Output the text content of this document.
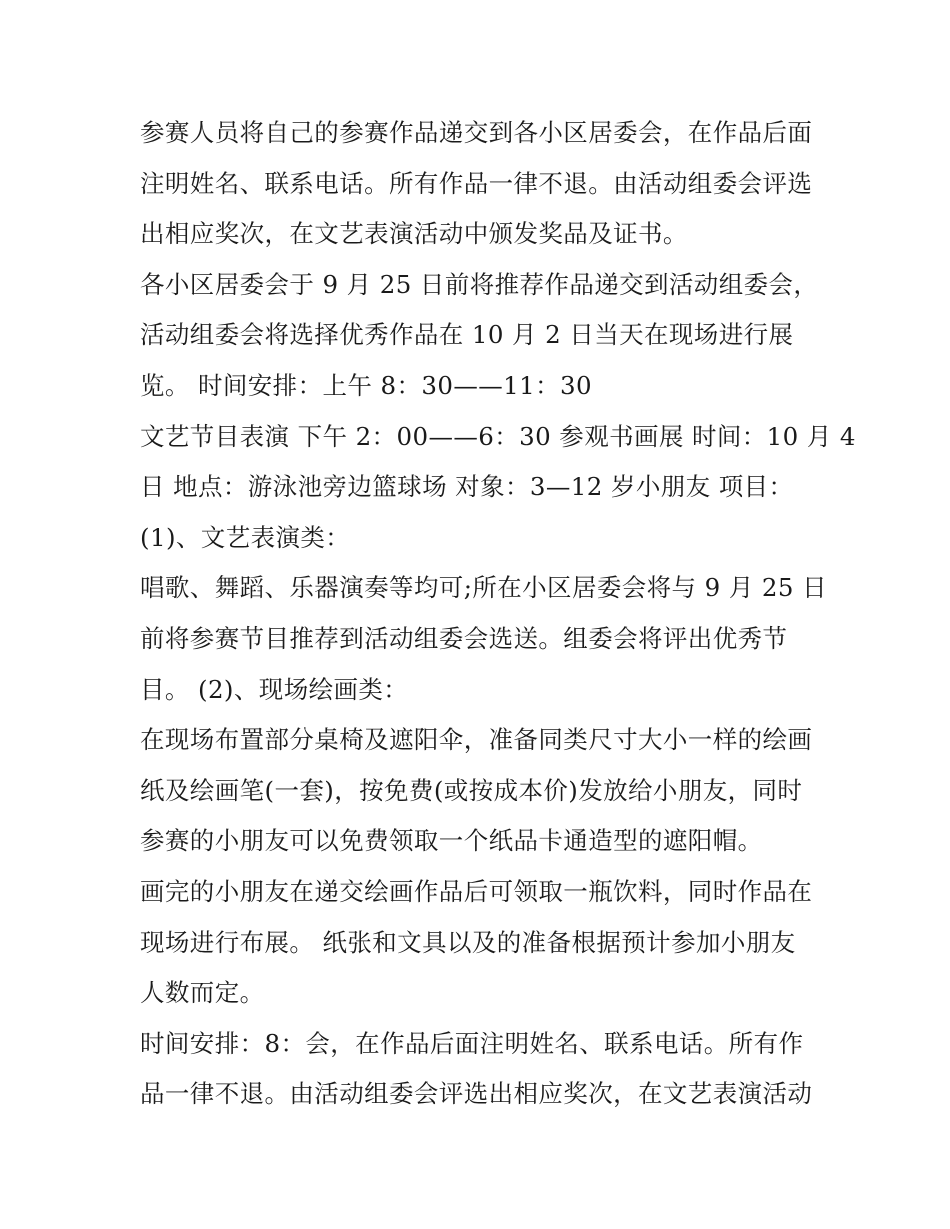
参赛人员将自己的参赛作品递交到各小区居委会，在作品后面
注明姓名、联系电话。所有作品一律不退。由活动组委会评选
出相应奖次，在文艺表演活动中颁发奖品及证书。
各小区居委会于 9 月 25 日前将推荐作品递交到活动组委会，
活动组委会将选择优秀作品在 10 月 2 日当天在现场进行展
览。 时间安排：上午 8：30——11：30
文艺节目表演 下午 2：00——6：30 参观书画展 时间：10 月 4
日 地点：游泳池旁边篮球场 对象：3—12 岁小朋友 项目：
(1)、文艺表演类：
唱歌、舞蹈、乐器演奏等均可;所在小区居委会将与 9 月 25 日
前将参赛节目推荐到活动组委会选送。组委会将评出优秀节
目。 (2)、现场绘画类：
在现场布置部分桌椅及遮阳伞，准备同类尺寸大小一样的绘画
纸及绘画笔(一套)，按免费(或按成本价)发放给小朋友，同时
参赛的小朋友可以免费领取一个纸品卡通造型的遮阳帽。
画完的小朋友在递交绘画作品后可领取一瓶饮料，同时作品在
现场进行布展。 纸张和文具以及的准备根据预计参加小朋友
人数而定。
时间安排：8：会，在作品后面注明姓名、联系电话。所有作
品一律不退。由活动组委会评选出相应奖次，在文艺表演活动
